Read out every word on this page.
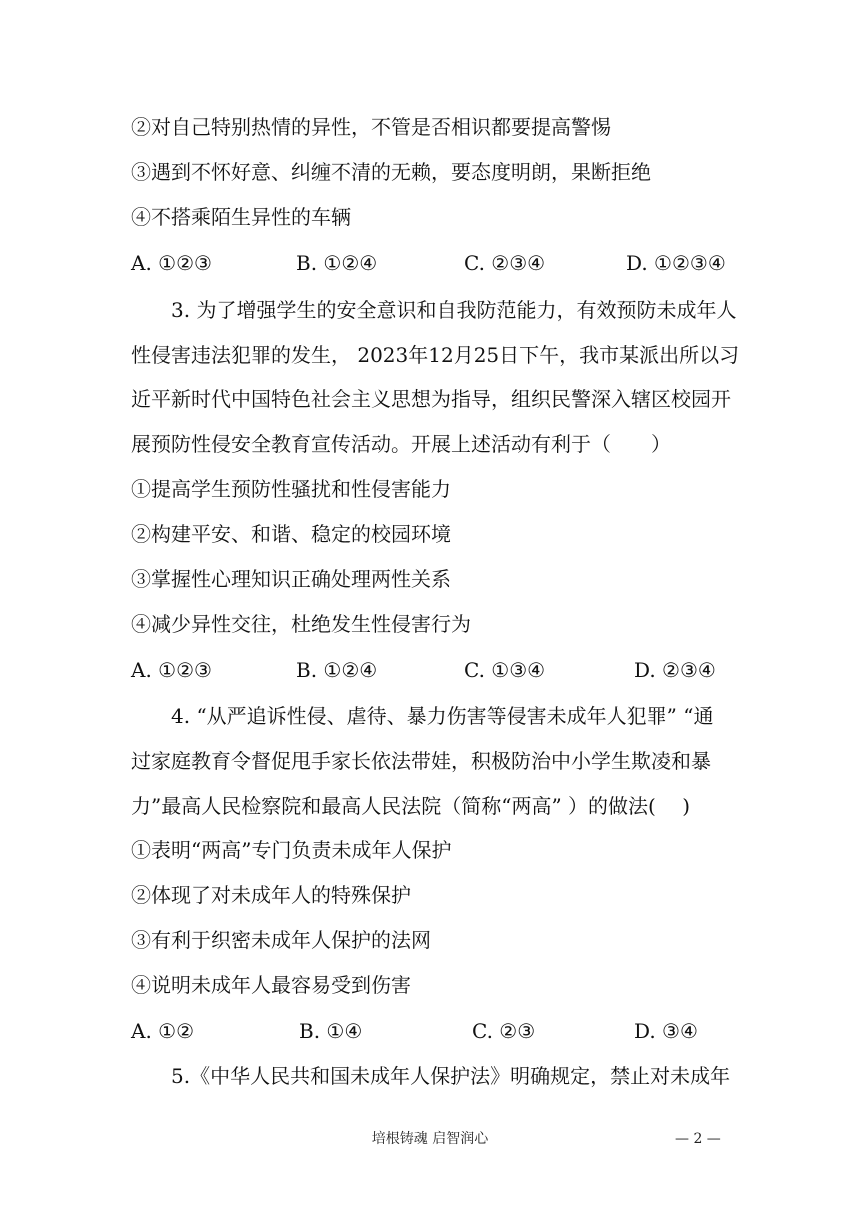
②对自己特别热情的异性，不管是否相识都要提高警惕
③遇到不怀好意、纠缠不清的无赖，要态度明朗，果断拒绝
④不搭乘陌生异性的车辆
A. ①②③	B. ①②④	C. ②③④	D. ①②③④
3. 为了增强学生的安全意识和自我防范能力，有效预防未成年人
性侵害违法犯罪的发生， 2023年12月25日下午，我市某派出所以习
近平新时代中国特色社会主义思想为指导，组织民警深入辖区校园开
展预防性侵安全教育宣传活动。开展上述活动有利于（　　）
①提高学生预防性骚扰和性侵害能力
②构建平安、和谐、稳定的校园环境
③掌握性心理知识正确处理两性关系
④减少异性交往，杜绝发生性侵害行为
A. ①②③	B. ①②④	C. ①③④	D. ②③④
4. “从严追诉性侵、虐待、暴力伤害等侵害未成年人犯罪” “通
过家庭教育令督促甩手家长依法带娃，积极防治中小学生欺凌和暴
力”最高人民检察院和最高人民法院（简称“两高” ）的做法(　 )
①表明“两高”专门负责未成年人保护
②体现了对未成年人的特殊保护
③有利于织密未成年人保护的法网
④说明未成年人最容易受到伤害
A. ①②	B. ①④	C. ②③	D. ③④
5.《中华人民共和国未成年人保护法》明确规定，禁止对未成年
培根铸魂 启智润心	— 2 —
